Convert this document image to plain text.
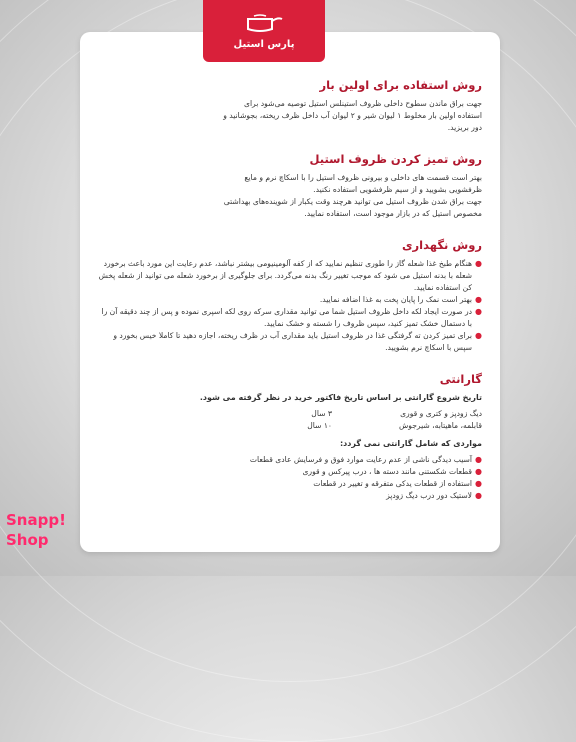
پارس استیل

روش استفاده برای اولین بار

جهت براق ماندن سطوح داخلی ظروف استینلس استیل توصیه می‌شود برای
استفاده اولین بار مخلوط ۱ لیوان شیر و ۲ لیوان آب داخل ظرف ریخته، بجوشانید و
دور بریزید.

روش تمیز کردن ظروف استیل

بهتر است قسمت های داخلی و بیرونی ظروف استیل را با اسکاچ نرم و مایع
ظرفشویی بشویید و از سیم ظرفشویی استفاده نکنید.
جهت براق شدن ظروف استیل می توانید هرچند وقت یکبار از شوینده‌های بهداشتی
مخصوص استیل که در بازار موجود است، استفاده نمایید.

روش نگهداری

●
هنگام طبخ غذا شعله گاز را طوری تنظیم نمایید که از کفه آلومینیومی بیشتر نباشد، عدم رعایت این مورد باعث برخورد شعله با بدنه استیل می شود که موجب تغییر رنگ بدنه می‌گردد. برای جلوگیری از برخورد شعله می توانید از شعله پخش کن استفاده نمایید.
●
بهتر است نمک را پایان پخت به غذا اضافه نمایید.
●
در صورت ایجاد لکه داخل ظروف استیل شما می توانید مقداری سرکه روی لکه اسپری نموده و پس از چند دقیقه آن را با دستمال خشک تمیز کنید، سپس ظروف را شسته و خشک نمایید.
●
برای تمیز کردن ته گرفتگی غذا در ظروف استیل باید مقداری آب در ظرف ریخته، اجازه دهید تا کاملا خیس بخورد و سپس با اسکاچ نرم بشویید.

گارانتی

تاریخ شروع گارانتی بر اساس تاریخ فاکتور خرید در نظر گرفته می شود.

دیگ زودپز و کتری و قوری
۳ سال
قابلمه، ماهیتابه، شیرجوش
۱۰ سال

مواردی که شامل گارانتی نمی گردد:

●
آسیب دیدگی ناشی از عدم رعایت موارد فوق و فرسایش عادی قطعات
●
قطعات شکستنی مانند دسته ها ، درب پیرکس و قوری
●
استفاده از قطعات یدکی متفرقه و تغییر در قطعات
●
لاستیک دور درب دیگ زودپز
Snapp!
Shop
